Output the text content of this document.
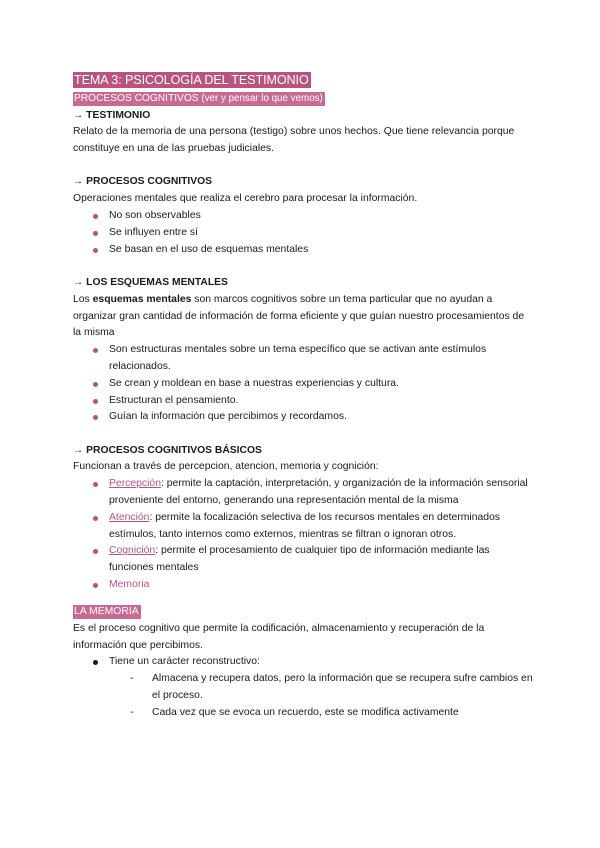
TEMA 3: PSICOLOGÍA DEL TESTIMONIO
PROCESOS COGNITIVOS (ver y pensar lo que vemos)
→ TESTIMONIO

Relato de la memoria de una persona (testigo) sobre unos hechos. Que tiene relevancia porque constituye en una de las pruebas judiciales.

→ PROCESOS COGNITIVOS

Operaciones mentales que realiza el cerebro para procesar la información.

No son observables
Se influyen entre sí
Se basan en el uso de esquemas mentales
→ LOS ESQUEMAS MENTALES

Los esquemas mentales son marcos cognitivos sobre un tema particular que no ayudan a organizar gran cantidad de información de forma eficiente y que guían nuestro procesamientos de la misma

Son estructuras mentales sobre un tema específico que se activan ante estímulos relacionados.
Se crean y moldean en base a nuestras experiencias y cultura.
Estructuran el pensamiento.
Guían la información que percibimos y recordamos.
→ PROCESOS COGNITIVOS BÁSICOS

Funcionan a través de percepcion, atencion, memoria y cognición:

Percepción: permite la captación, interpretación, y organización de la información sensorial proveniente del entorno, generando una representación mental de la misma
Atención: permite la focalización selectiva de los recursos mentales en determinados estímulos, tanto internos como externos, mientras se filtran o ignoran otros.
Cognición: permite el procesamiento de cualquier tipo de información mediante las funciones mentales
Memoria
LA MEMORIA

Es el proceso cognitivo que permite la codificación, almacenamiento y recuperación de la información que percibimos.

Tiene un carácter reconstructivo:
- Almacena y recupera datos, pero la información que se recupera sufre cambios en el proceso.
- Cada vez que se evoca un recuerdo, este se modifica activamente
